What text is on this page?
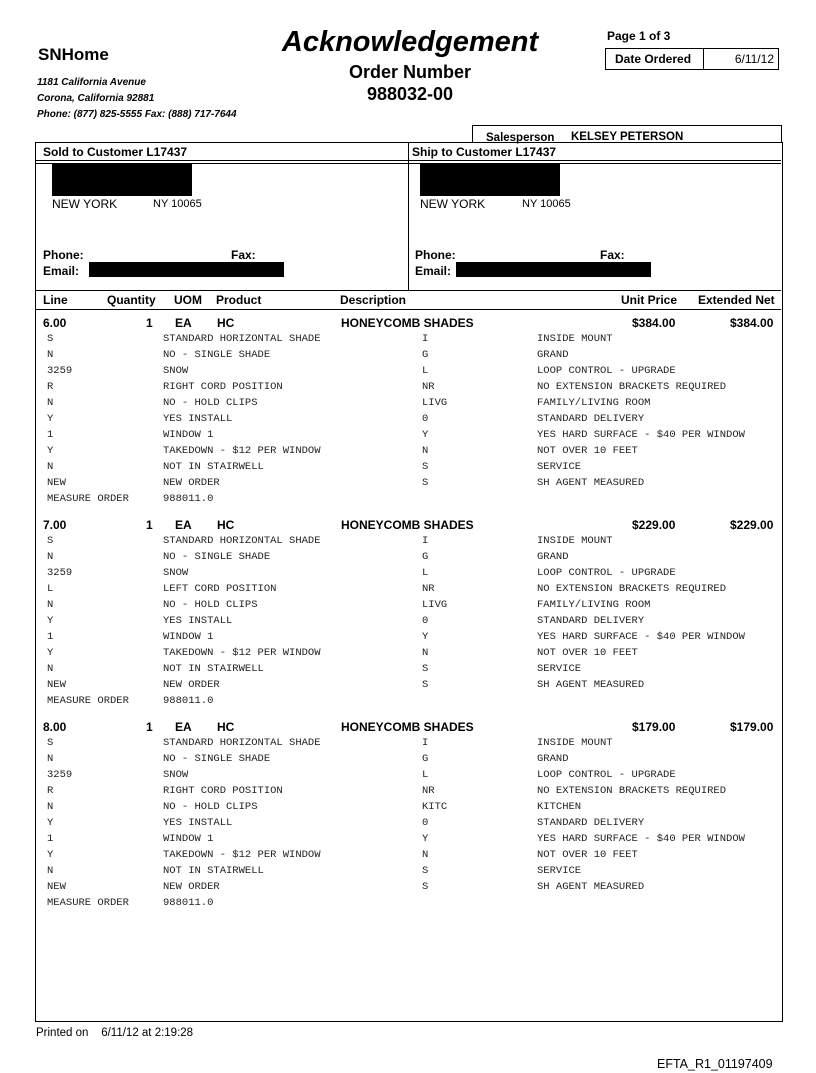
SNHome
1181 California Avenue
Corona, California 92881
Phone: (877) 825-5555 Fax: (888) 717-7644
Acknowledgement
Order Number
988032-00
Page 1 of 3
Date Ordered	6/11/12
Salesperson KELSEY PETERSON
Sold to Customer L17437	Ship to Customer L17437
NEW YORK	NY 10065
Phone:	Fax:
Email:
NEW YORK	NY 10065
Phone:	Fax:
Email:
Line	Quantity UOM Product	Description	Unit Price Extended Net
6.00	1 EA HC	HONEYCOMB SHADES	$384.00	$384.00
S	STANDARD HORIZONTAL SHADE	I	INSIDE MOUNT
N	NO - SINGLE SHADE	G	GRAND
3259	SNOW	L	LOOP CONTROL - UPGRADE
R	RIGHT CORD POSITION	NR	NO EXTENSION BRACKETS REQUIRED
N	NO - HOLD CLIPS	LIVG	FAMILY/LIVING ROOM
Y	YES INSTALL	0	STANDARD DELIVERY
1	WINDOW 1	Y	YES HARD SURFACE - $40 PER WINDOW
Y	TAKEDOWN - $12 PER WINDOW	N	NOT OVER 10 FEET
N	NOT IN STAIRWELL	S	SERVICE
NEW	NEW ORDER	S	SH AGENT MEASURED
MEASURE ORDER	988011.0
7.00	1 EA HC	HONEYCOMB SHADES	$229.00	$229.00
S	STANDARD HORIZONTAL SHADE	I	INSIDE MOUNT
N	NO - SINGLE SHADE	G	GRAND
3259	SNOW	L	LOOP CONTROL - UPGRADE
L	LEFT CORD POSITION	NR	NO EXTENSION BRACKETS REQUIRED
N	NO - HOLD CLIPS	LIVG	FAMILY/LIVING ROOM
Y	YES INSTALL	0	STANDARD DELIVERY
1	WINDOW 1	Y	YES HARD SURFACE - $40 PER WINDOW
Y	TAKEDOWN - $12 PER WINDOW	N	NOT OVER 10 FEET
N	NOT IN STAIRWELL	S	SERVICE
NEW	NEW ORDER	S	SH AGENT MEASURED
MEASURE ORDER	988011.0
8.00	1 EA HC	HONEYCOMB SHADES	$179.00	$179.00
S	STANDARD HORIZONTAL SHADE	I	INSIDE MOUNT
N	NO - SINGLE SHADE	G	GRAND
3259	SNOW	L	LOOP CONTROL - UPGRADE
R	RIGHT CORD POSITION	NR	NO EXTENSION BRACKETS REQUIRED
N	NO - HOLD CLIPS	KITC	KITCHEN
Y	YES INSTALL	0	STANDARD DELIVERY
1	WINDOW 1	Y	YES HARD SURFACE - $40 PER WINDOW
Y	TAKEDOWN - $12 PER WINDOW	N	NOT OVER 10 FEET
N	NOT IN STAIRWELL	S	SERVICE
NEW	NEW ORDER	S	SH AGENT MEASURED
MEASURE ORDER	988011.0
Printed on    6/11/12 at 2:19:28
EFTA_R1_01197409
